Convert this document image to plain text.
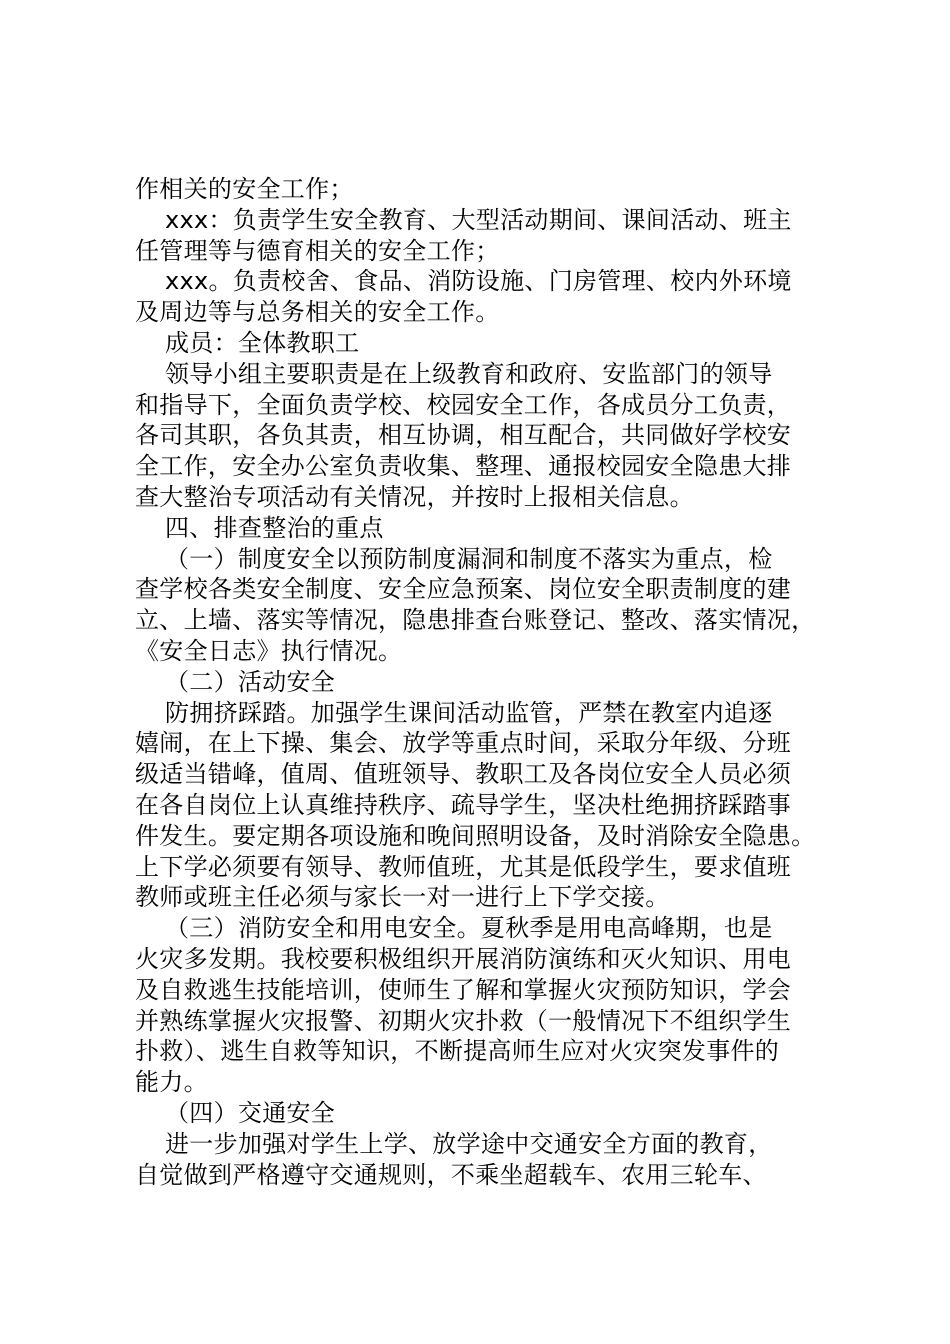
作相关的安全工作；
xxx：负责学生安全教育、大型活动期间、课间活动、班主
任管理等与德育相关的安全工作；
xxx。负责校舍、食品、消防设施、门房管理、校内外环境
及周边等与总务相关的安全工作。
成员：全体教职工
领导小组主要职责是在上级教育和政府、安监部门的领导
和指导下，全面负责学校、校园安全工作，各成员分工负责，
各司其职，各负其责，相互协调，相互配合，共同做好学校安
全工作，安全办公室负责收集、整理、通报校园安全隐患大排
查大整治专项活动有关情况，并按时上报相关信息。
四、排查整治的重点
（一）制度安全以预防制度漏洞和制度不落实为重点，检
查学校各类安全制度、安全应急预案、岗位安全职责制度的建
立、上墙、落实等情况，隐患排查台账登记、整改、落实情况，
《安全日志》执行情况。
（二）活动安全
防拥挤踩踏。加强学生课间活动监管，严禁在教室内追逐
嬉闹，在上下操、集会、放学等重点时间，采取分年级、分班
级适当错峰，值周、值班领导、教职工及各岗位安全人员必须
在各自岗位上认真维持秩序、疏导学生，坚决杜绝拥挤踩踏事
件发生。要定期各项设施和晚间照明设备，及时消除安全隐患。
上下学必须要有领导、教师值班，尤其是低段学生，要求值班
教师或班主任必须与家长一对一进行上下学交接。
（三）消防安全和用电安全。夏秋季是用电高峰期，也是
火灾多发期。我校要积极组织开展消防演练和灭火知识、用电
及自救逃生技能培训，使师生了解和掌握火灾预防知识，学会
并熟练掌握火灾报警、初期火灾扑救（一般情况下不组织学生
扑救）、逃生自救等知识，不断提高师生应对火灾突发事件的
能力。
（四）交通安全
进一步加强对学生上学、放学途中交通安全方面的教育，
自觉做到严格遵守交通规则，不乘坐超载车、农用三轮车、
